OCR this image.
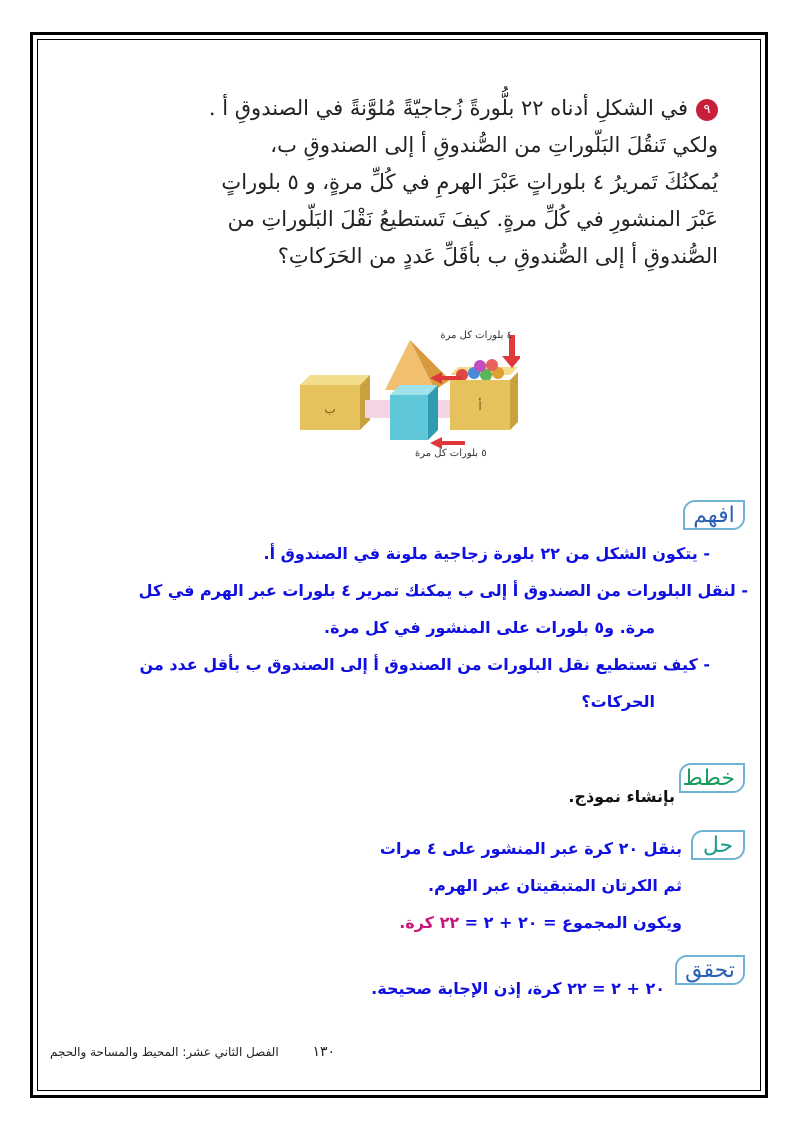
٩في الشكلِ أدناه ٢٢ بلُّورةً زُجاجيّةً مُلوَّنةً في الصندوقِ أ .
ولكي تَنقُلَ البَلّوراتِ من الصُّندوقِ أ إلى الصندوقِ ب،
يُمكنُكَ تَمريرُ ٤ بلوراتٍ عَبْرَ الهرمِ في كُلِّ مرةٍ، و ٥ بلوراتٍ
عَبْرَ المنشورِ في كُلِّ مرةٍ. كيفَ تَستطيعُ نَقْلَ البَلّوراتِ من
الصُّندوقِ أ إلى الصُّندوقِ ب بأقَلِّ عَددٍ من الحَرَكاتِ؟
ب	أ
٤ بلورات كل مرة
٥ بلورات كل مرة
افهم
- يتكون الشكل من ٢٢ بلورة زجاجية ملونة في الصندوق أ.
- لنقل البلورات من الصندوق أ إلى ب يمكنك تمرير ٤ بلورات عبر الهرم في كل
مرة. و٥ بلورات على المنشور في كل مرة.
- كيف تستطيع نقل البلورات من الصندوق أ إلى الصندوق ب بأقل عدد من
الحركات؟
خطط
بإنشاء نموذج.
حل
بنقل ٢٠ كرة عبر المنشور على ٤ مرات
ثم الكرتان المتبقيتان عبر الهرم.
ويكون المجموع = ٢٠ + ٢ = ٢٢ كرة.
تحقق
٢٠ + ٢ = ٢٢ كرة، إذن الإجابة صحيحة.
١٣٠ الفصل الثاني عشر: المحيط والمساحة والحجم
